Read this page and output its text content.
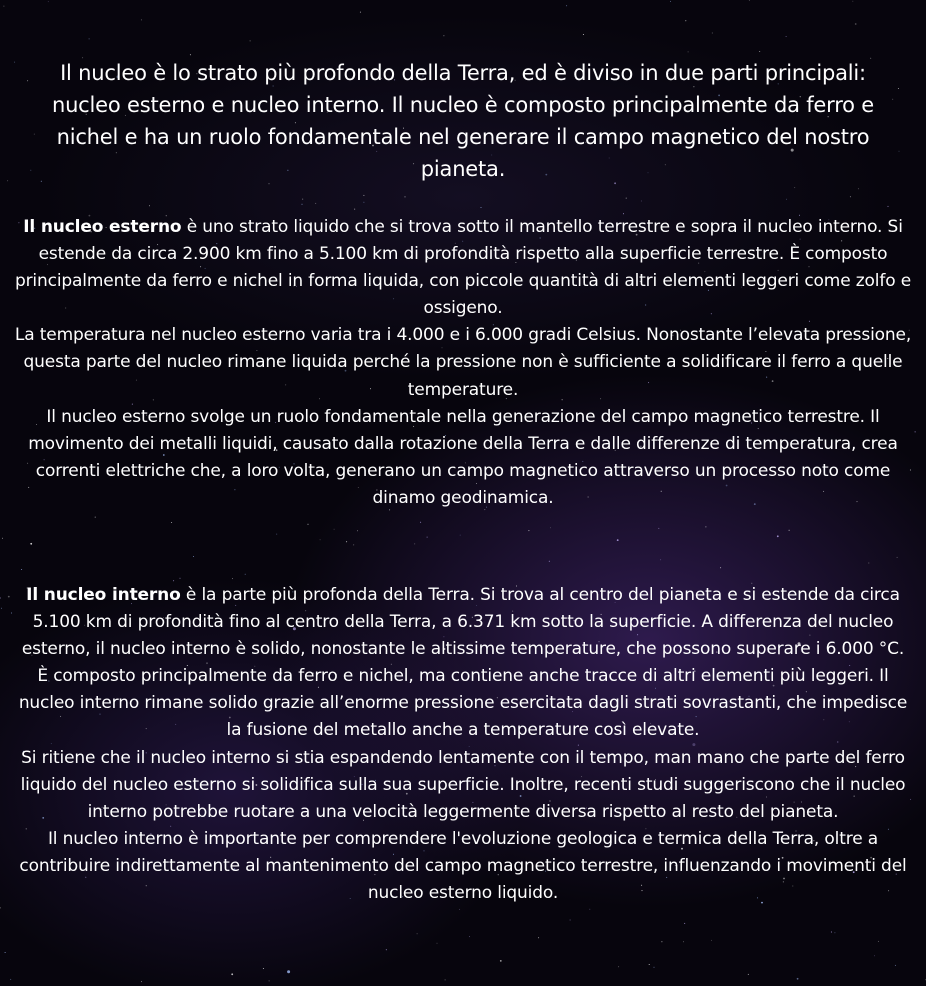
Il nucleo è lo strato più profondo della Terra, ed è diviso in due parti principali: nucleo esterno e nucleo interno. Il nucleo è composto principalmente da ferro e nichel e ha un ruolo fondamentale nel generare il campo magnetico del nostro pianeta.

Il nucleo esterno è uno strato liquido che si trova sotto il mantello terrestre e sopra il nucleo interno. Si estende da circa 2.900 km fino a 5.100 km di profondità rispetto alla superficie terrestre. È composto principalmente da ferro e nichel in forma liquida, con piccole quantità di altri elementi leggeri come zolfo e ossigeno.
La temperatura nel nucleo esterno varia tra i 4.000 e i 6.000 gradi Celsius. Nonostante l’elevata pressione, questa parte del nucleo rimane liquida perché la pressione non è sufficiente a solidificare il ferro a quelle temperature.
Il nucleo esterno svolge un ruolo fondamentale nella generazione del campo magnetico terrestre. Il movimento dei metalli liquidi, causato dalla rotazione della Terra e dalle differenze di temperatura, crea correnti elettriche che, a loro volta, generano un campo magnetico attraverso un processo noto come dinamo geodinamica.

Il nucleo interno è la parte più profonda della Terra. Si trova al centro del pianeta e si estende da circa 5.100 km di profondità fino al centro della Terra, a 6.371 km sotto la superficie. A differenza del nucleo esterno, il nucleo interno è solido, nonostante le altissime temperature, che possono superare i 6.000 °C.
È composto principalmente da ferro e nichel, ma contiene anche tracce di altri elementi più leggeri. Il nucleo interno rimane solido grazie all’enorme pressione esercitata dagli strati sovrastanti, che impedisce la fusione del metallo anche a temperature così elevate.
Si ritiene che il nucleo interno si stia espandendo lentamente con il tempo, man mano che parte del ferro liquido del nucleo esterno si solidifica sulla sua superficie. Inoltre, recenti studi suggeriscono che il nucleo interno potrebbe ruotare a una velocità leggermente diversa rispetto al resto del pianeta.
Il nucleo interno è importante per comprendere l'evoluzione geologica e termica della Terra, oltre a contribuire indirettamente al mantenimento del campo magnetico terrestre, influenzando i movimenti del nucleo esterno liquido.
